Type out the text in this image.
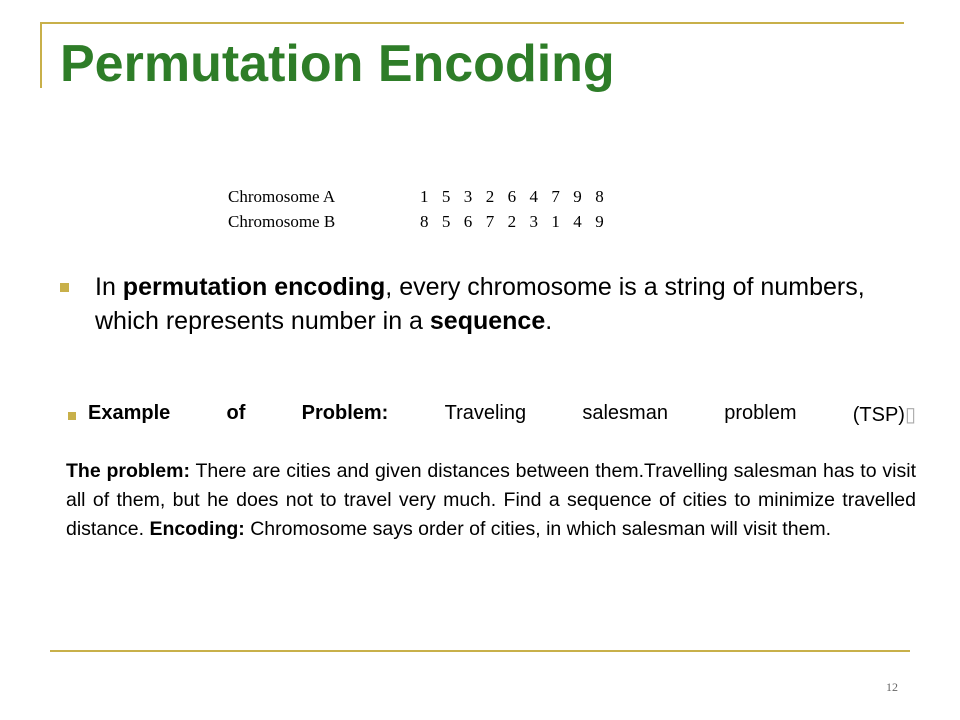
Permutation Encoding
Chromosome A	1  5  3  2  6  4  7  9  8
Chromosome B	8  5  6  7  2  3  1  4  9
In permutation encoding, every chromosome is a string of numbers, which represents number in a sequence.
Example	of	Problem:	Traveling	salesman	problem	(TSP)▯

The problem: There are cities and given distances between them.Travelling salesman has to visit all of them, but he does not to travel very much. Find a sequence of cities to minimize travelled distance. Encoding: Chromosome says order of cities, in which salesman will visit them.

12
